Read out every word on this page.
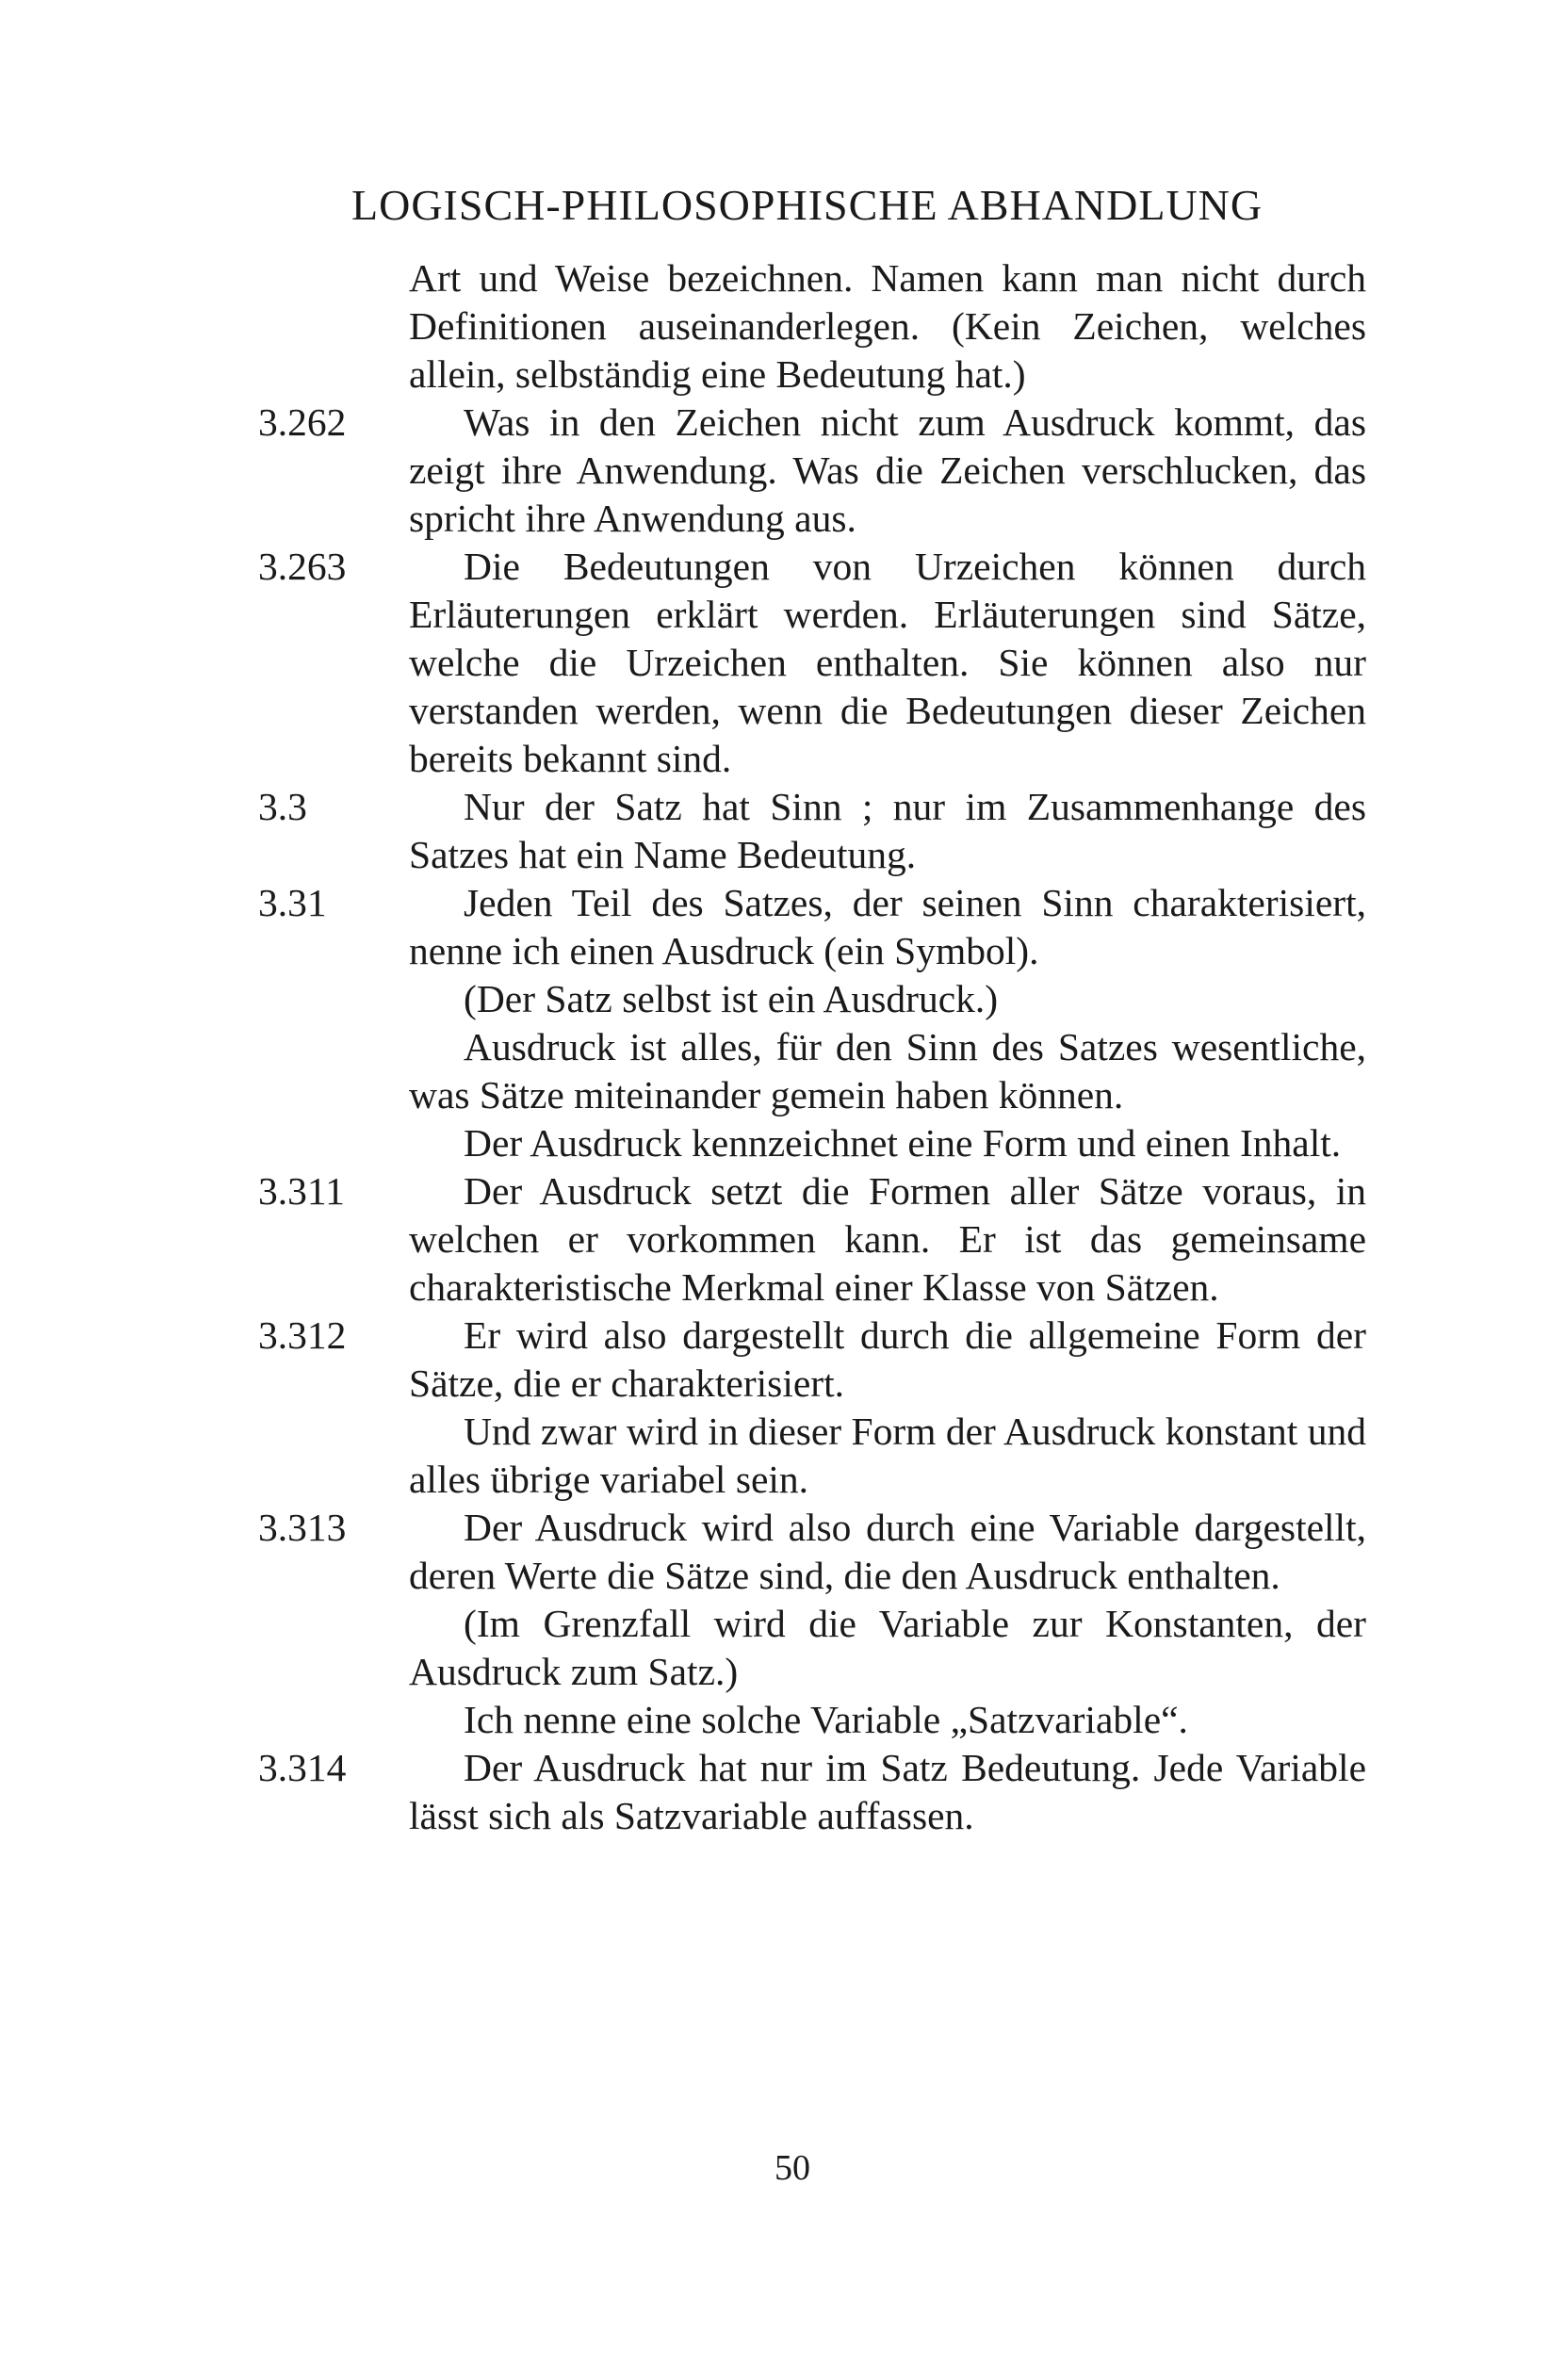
LOGISCH-PHILOSOPHISCHE ABHANDLUNG
Art und Weise bezeichnen. Namen kann man nicht durch Definitionen auseinanderlegen. (Kein Zeichen, welches allein, selbständig eine Bedeutung hat.)
3.262	Was in den Zeichen nicht zum Ausdruck kommt, das zeigt ihre Anwendung. Was die Zeichen verschlucken, das spricht ihre Anwendung aus.
3.263	Die Bedeutungen von Urzeichen können durch Erläuterungen erklärt werden. Erläuterungen sind Sätze, welche die Urzeichen enthalten. Sie können also nur verstanden werden, wenn die Bedeutungen dieser Zeichen bereits bekannt sind.
3.3	Nur der Satz hat Sinn ; nur im Zusammenhange des Satzes hat ein Name Bedeutung.
3.31	Jeden Teil des Satzes, der seinen Sinn charakterisiert, nenne ich einen Ausdruck (ein Symbol).
(Der Satz selbst ist ein Ausdruck.)
Ausdruck ist alles, für den Sinn des Satzes wesentliche, was Sätze miteinander gemein haben können.
Der Ausdruck kennzeichnet eine Form und einen Inhalt.
3.311	Der Ausdruck setzt die Formen aller Sätze voraus, in welchen er vorkommen kann. Er ist das gemeinsame charakteristische Merkmal einer Klasse von Sätzen.
3.312	Er wird also dargestellt durch die allgemeine Form der Sätze, die er charakterisiert.
Und zwar wird in dieser Form der Ausdruck konstant und alles übrige variabel sein.
3.313	Der Ausdruck wird also durch eine Variable dargestellt, deren Werte die Sätze sind, die den Ausdruck enthalten.
(Im Grenzfall wird die Variable zur Konstanten, der Ausdruck zum Satz.)
Ich nenne eine solche Variable „Satzvariable“.
3.314	Der Ausdruck hat nur im Satz Bedeutung. Jede Variable lässt sich als Satzvariable auffassen.
50
